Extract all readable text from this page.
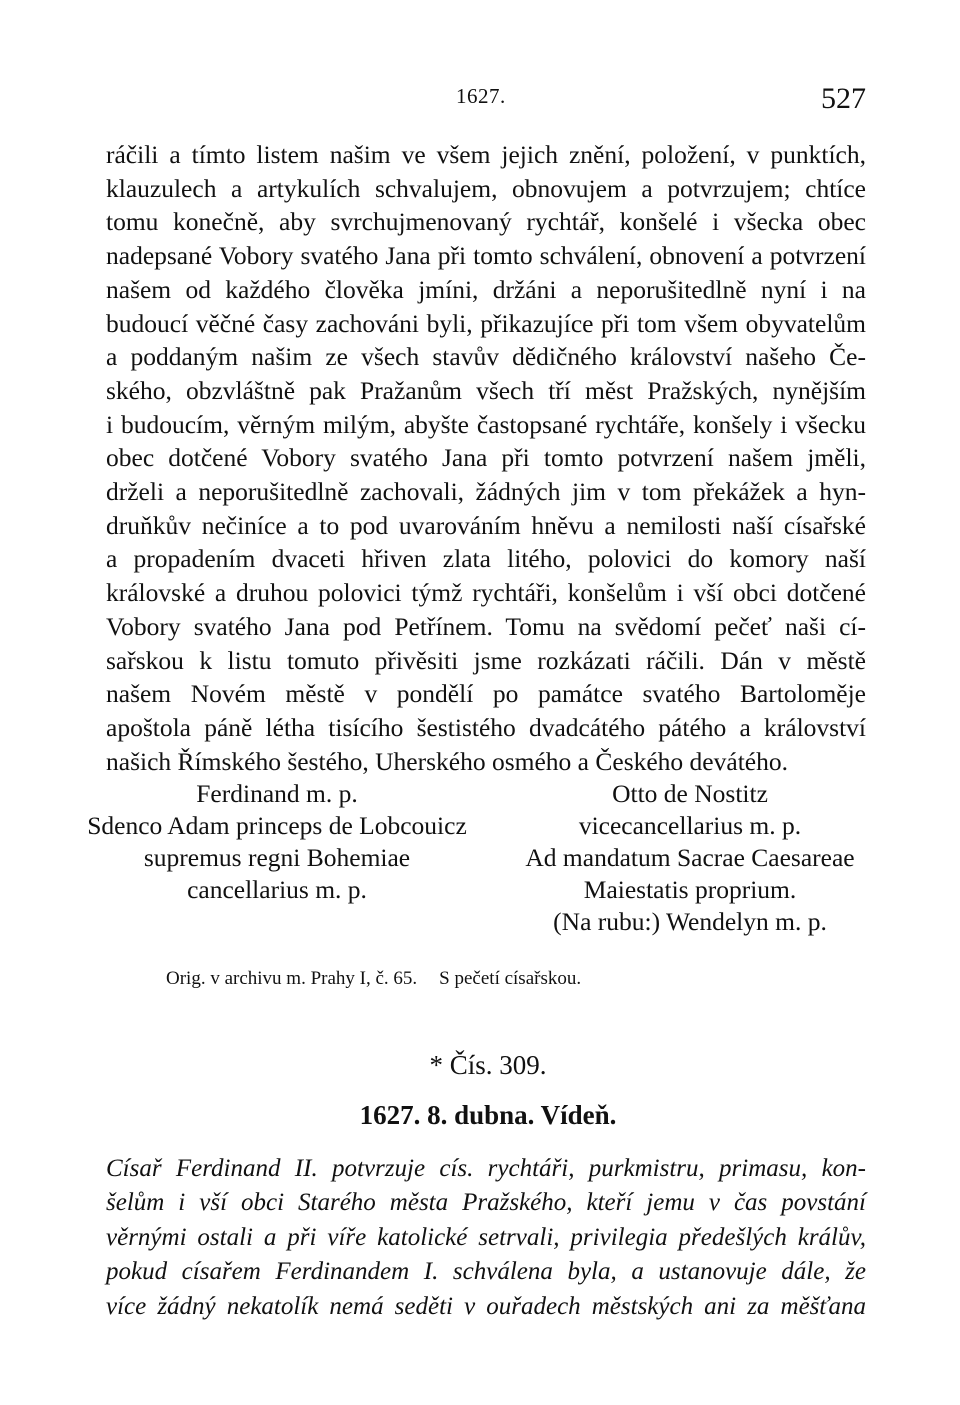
1627.	527
ráčili a tímto listem našim ve všem jejich znění, položení, v punktích,
klauzulech a artykulích schvalujem, obnovujem a potvrzujem; chtíce
tomu konečně, aby svrchujmenovaný rychtář, konšelé i všecka obec
nadepsané Vobory svatého Jana při tomto schválení, obnovení a potvrzení
našem od každého člověka jmíni, držáni a neporušitedlně nyní i na
budoucí věčné časy zachováni byli, přikazujíce při tom všem obyvatelům
a poddaným našim ze všech stavův dědičného království našeho Če-
ského, obzvláštně pak Pražanům všech tří měst Pražských, nynějším
i budoucím, věrným milým, abyšte častopsané rychtáře, konšely i všecku
obec dotčené Vobory svatého Jana při tomto potvrzení našem jměli,
drželi a neporušitedlně zachovali, žádných jim v tom překážek a hyn-
druňkův nečiníce a to pod uvarováním hněvu a nemilosti naší císařské
a propadením dvaceti hřiven zlata litého, polovici do komory naší
královské a druhou polovici týmž rychtáři, konšelům i vší obci dotčené
Vobory svatého Jana pod Petřínem. Tomu na svědomí pečeť naši cí-
sařskou k listu tomuto přivěsiti jsme rozkázati ráčili. Dán v městě
našem Novém městě v pondělí po památce svatého Bartoloměje
apoštola páně létha tisícího šestistého dvadcátého pátého a království
našich Římského šestého, Uherského osmého a Českého devátého.
Ferdinand m. p.
Sdenco Adam princeps de Lobcouicz
supremus regni Bohemiae
cancellarius m. p.
Otto de Nostitz
vicecancellarius m. p.
Ad mandatum Sacrae Caesareae
Maiestatis proprium.
(Na rubu:) Wendelyn m. p.
Orig. v archivu m. Prahy I, č. 65. S pečetí císařskou.
* Čís. 309.
1627. 8. dubna. Vídeň.
Císař Ferdinand II. potvrzuje cís. rychtáři, purkmistru, primasu, kon-
šelům i vší obci Starého města Pražského, kteří jemu v čas povstání
věrnými ostali a při víře katolické setrvali, privilegia předešlých králův,
pokud císařem Ferdinandem I. schválena byla, a ustanovuje dále, že
více žádný nekatolík nemá seděti v ouřadech městských ani za měšťana
